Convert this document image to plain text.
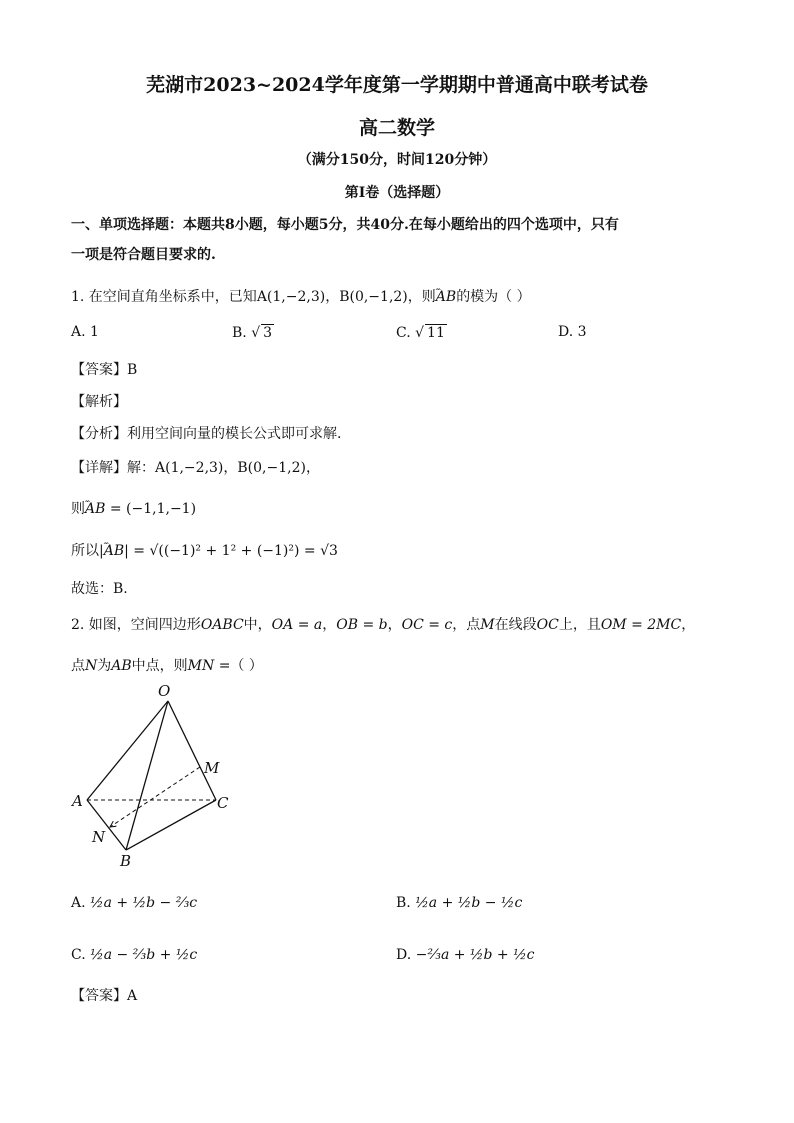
芜湖市2023~2024学年度第一学期期中普通高中联考试卷
高二数学
（满分150分，时间120分钟）
第I卷（选择题）
一、单项选择题：本题共8小题，每小题5分，共40分.在每小题给出的四个选项中，只有
一项是符合题目要求的.
1. 在空间直角坐标系中，已知A(1,−2,3)，B(0,−1,2)，则ꞈꞈ AB的模为（ ）
A. 1	B. √ 3	C. √ 11	D. 3
【答案】B
【解析】
【分析】利用空间向量的模长公式即可求解.
【详解】解：A(1,−2,3)，B(0,−1,2)，
则ꞈꞈ AB = (−1,1,−1)
所以|ꞈꞈ AB| = √((−1)² + 1² + (−1)²) = √3
故选：B.
2. 如图，空间四边形OABC中，OA = a，OB = b，OC = c，点M在线段OC上，且OM = 2MC，
点N为AB中点，则MN =（ ）
O
A
B
C
M
N
A. ½a + ½b − ⅔c	B. ½a + ½b − ½c
C. ½a − ⅔b + ½c	D. −⅔a + ½b + ½c
【答案】A
